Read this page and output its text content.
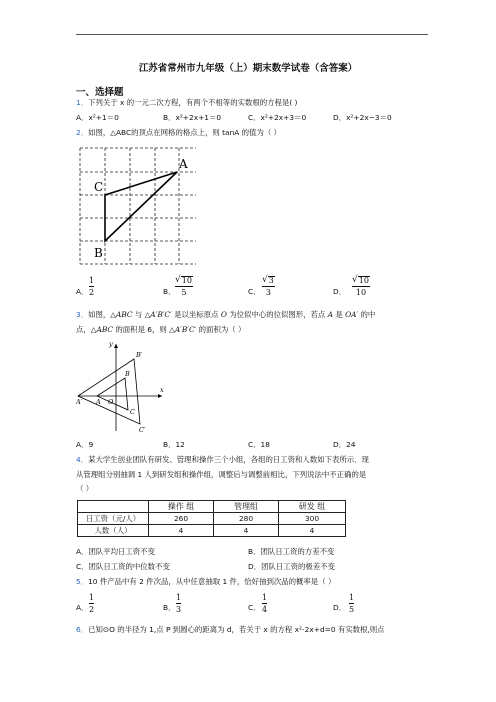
江苏省常州市九年级（上）期末数学试卷（含答案）
一、选择题
1．下列关于 x 的一元二次方程，有两个不相等的实数根的方程是( )
A．x²+1＝0	B．x²+2x+1＝0	C．x²+2x+3＝0	D．x²+2x−3＝0
2．如图，△ABC的顶点在网格的格点上，则 tanA 的值为（ ）
A
C
B
A．
1
2	B．
√ 10
5	C．
√ 3
3	D．
√ 10
10
3．如图，△ABC 与 △A′B′C′ 是以坐标原点 O 为位似中心的位似图形，若点 A 是 OA′ 的中
点，△ABC 的面积是 6，则 △A′B′C′ 的面积为（ ）
y
x
B′
B
A′ A O
C
C′
A．9	B．12	C．18	D．24
4．某大学生创业团队有研发、管理和操作三个小组，各组的日工资和人数如下表所示．现
从管理组分别抽调 1 人到研发组和操作组，调整后与调整前相比，下列说法中不正确的是
（ ）
	操作 组	管理组	研发 组
日工资（元/人）	260	280	300
人数（人）	4	4	4
A．团队平均日工资不变	B．团队日工资的方差不变
C．团队日工资的中位数不变	D．团队日工资的极差不变
5．10 件产品中有 2 件次品，从中任意抽取 1 件，恰好抽到次品的概率是（ ）
A．
1
2	B．
1
3	C．
1
4	D．
1
5
6．已知⊙O 的半径为 1,点 P 到圆心的距离为 d，若关于 x 的方程 x²-2x+d=0 有实数根,则点
